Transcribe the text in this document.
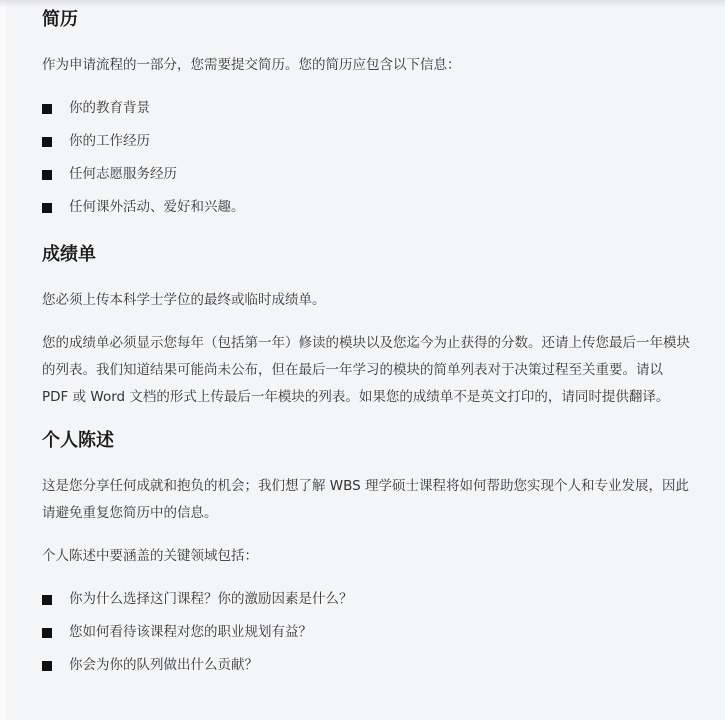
简历

作为申请流程的一部分，您需要提交简历。您的简历应包含以下信息：

你的教育背景
你的工作经历
任何志愿服务经历
任何课外活动、爱好和兴趣。
成绩单

您必须上传本科学士学位的最终或临时成绩单。

您的成绩单必须显示您每年（包括第一年）修读的模块以及您迄今为止获得的分数。还请上传您最后一年模块的列表。我们知道结果可能尚未公布，但在最后一年学习的模块的简单列表对于决策过程至关重要。请以 PDF 或 Word 文档的形式上传最后一年模块的列表。如果您的成绩单不是英文打印的，请同时提供翻译。

个人陈述

这是您分享任何成就和抱负的机会；我们想了解 WBS 理学硕士课程将如何帮助您实现个人和专业发展，因此请避免重复您简历中的信息。

个人陈述中要涵盖的关键领域包括：

你为什么选择这门课程？你的激励因素是什么？
您如何看待该课程对您的职业规划有益？
你会为你的队列做出什么贡献？
